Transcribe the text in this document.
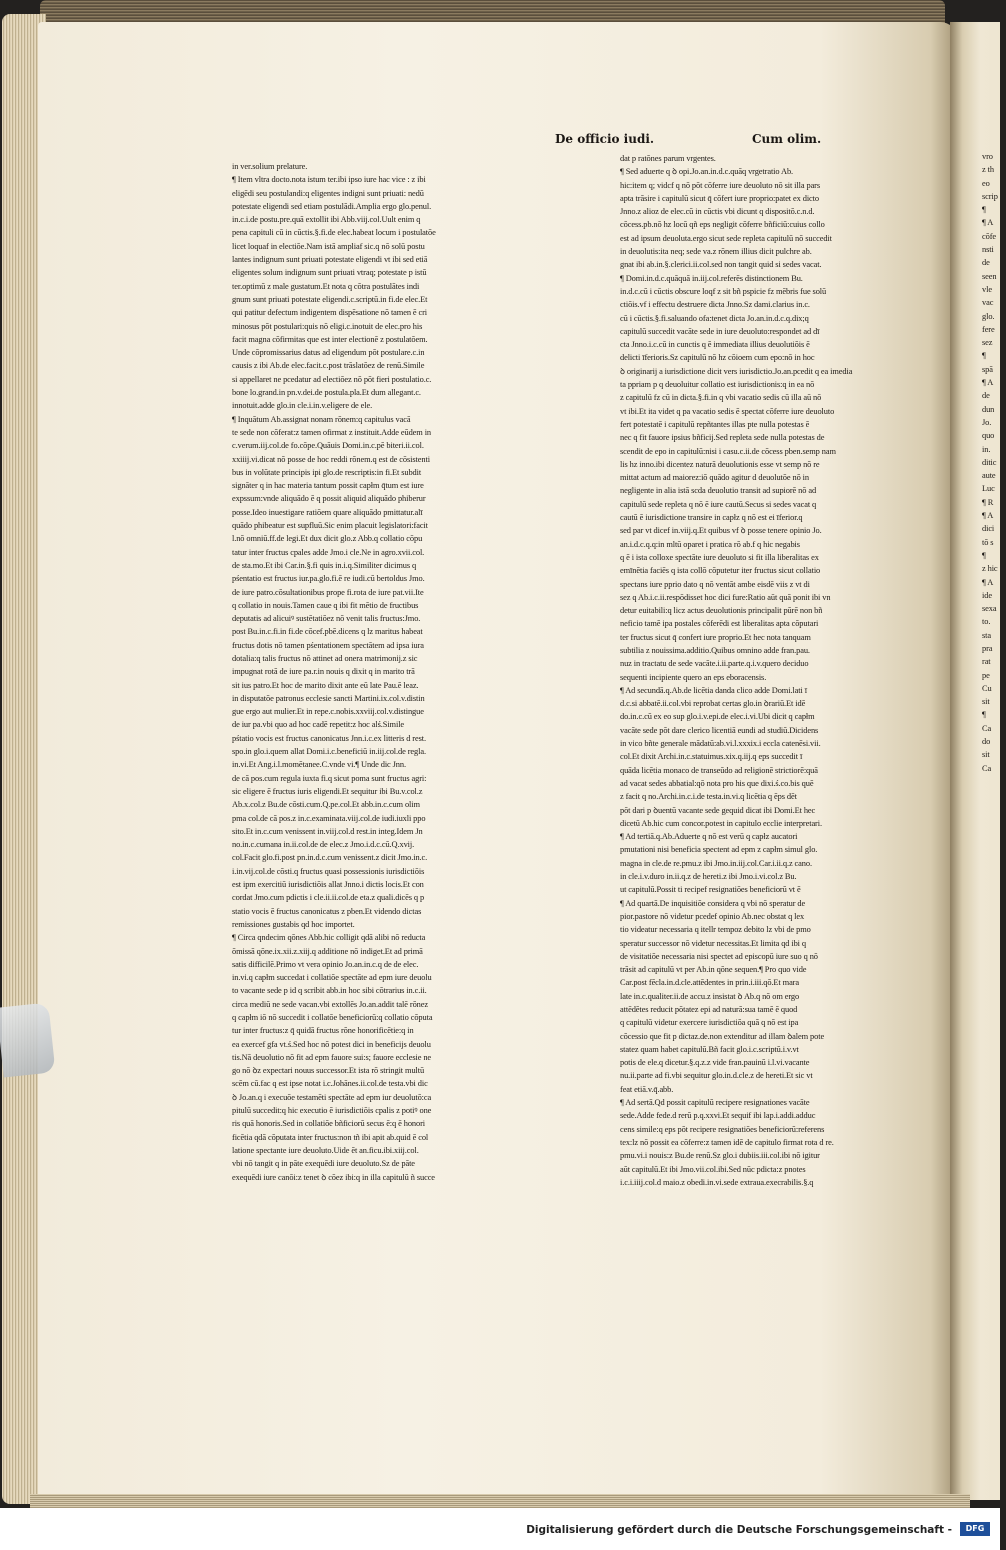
De officio iudi.	Cum olim.
in ver.solium prelature.
¶ Item vltra docto.nota istum ter.ibi ipso iure hac vice : z ibi
eligēdi seu postulandi:q eligentes indigni sunt priuati: nedū
potestate eligendi sed etiam postulādi.Amplia ergo glo.penul.
in.c.i.de postu.pre.quā extollit ibi Abb.viij.col.Uult enim q
pena capituli cū in cūctis.§.fi.de elec.habeat locum i postulatōe
licet loquaf in electiōe.Nam istā ampliaf sic.q nō solū postu
lantes indignum sunt priuati potestate eligendi vt ibi sed etiā
eligentes solum indignum sunt priuati vtraq; potestate p istū
ter.optimū z male gustatum.Et nota q cōtra postulātes indi
gnum sunt priuati potestate eligendi.c.scriptū.in fi.de elec.Et
qui patitur defectum indigentem dispēsatione nō tamen ē cri
minosus pōt postulari:quis nō eligi.c.inotuit de elec.pro his
facit magna cōfirmitas que est inter electionē z postulatōem.
Unde cōpromissarius datus ad eligendum pōt postulare.c.in
causis z ibi Ab.de elec.facit.c.post trāslatōez de renū.Simile
si appellaret ne pcedatur ad electiōez nō pōt fieri postulatio.c.
bone lo.grand.in pn.v.dei.de postula.pla.Et dum allegant.c.
innotuit.adde glo.in cle.i.in.v.eligere de ele.
¶ Inquātum Ab.assignat nonam rōnem:q capitulus vacā
te sede non cōferat:z tamen ofirmat z instituit.Adde eūdem in
c.verum.iij.col.de fo.cōpe.Quāuis Domi.in.c.pē biteri.ii.col.
xxiiij.vi.dicat nō posse de hoc reddi rōnem.q est de cōsistenti
bus in volūtate principis ipi glo.de rescriptis:in fi.Et subdit
signāter q in hac materia tantum possit capłm q̄tum est iure
expssum:vnde aliquādo ē q possit aliquid aliquādo phiberur
posse.Ideo inuestigare ratiōem quare aliquādo pmittatur.alī
quādo phibeatur est supfluū.Sic enim placuit legislatori:facit
l.nō omniū.ff.de legi.Et dux dicit glo.z Abb.q collatio cōpu
tatur inter fructus cpales adde Jmo.i cle.Ne in agro.xvii.col.
de sta.mo.Et ibi Car.in.§.fi quis in.i.q.Similiter dicimus q
pśentatio est fructus iur.pa.glo.fi.ē re iudi.cū bertoldus Jmo.
de iure patro.cōsultationibus prope fi.rota de iure pat.vii.Ite
q collatio in nouis.Tamen caue q ibi fit mētio de fructibus
deputatis ad alicuiꝰ sustētatiōez nō venit talis fructus:Jmo.
post Bu.in.c.fi.in fi.de cōcef.pbē.dicens q lz maritus habeat
fructus dotis nō tamen pśentationem spectātem ad ipsa iura
dotalia:q talis fructus nō attinet ad onera matrimonij.z sic
impugnat rotā de iure pa.r.in nouis q dixit q in marito trā
sit ius patro.Et hoc de marito dixit ante eū late Pau.ē leaz.
in disputatōe patronus ecclesie sancti Martini.ix.col.v.distin
gue ergo aut mulier.Et in repe.c.nobis.xxviij.col.v.distingue
de iur pa.vbi quo ad hoc cadē repetit:z hoc alś.Simile
pśtatio vocis est fructus canonicatus Jnn.i.c.ex litteris d rest.
spo.in glo.i.quem allat Domi.i.c.beneficiū in.iij.col.de regla.
in.vi.Et Ang.i.l.momētanee.C.vnde vi.¶ Unde dic Jnn.
de cā pos.cum regula iuxta fi.q sicut poma sunt fructus agri:
sic eligere ē fructus iuris eligendi.Et sequitur ibi Bu.v.col.z
Ab.x.col.z Bu.de cōsti.cum.Q.pe.col.Et abb.in.c.cum olim
pma col.de cā pos.z in.c.examinata.viij.col.de iudi.iuxli ppo
sito.Et in.c.cum venissent in.viij.col.d rest.in integ.Idem Jn
no.in.c.cumana in.ii.col.de de elec.z Jmo.i.d.c.cū.Q.xvij.
col.Facit glo.fi.post pn.in.d.c.cum venissent.z dicit Jmo.in.c.
i.in.vij.col.de cōsti.q fructus quasi possessionis iurisdictiōis
est ipm exercitiū iurisdictiōis allat Jnno.i dictis locis.Et con
cordat Jmo.cum pdictis i cle.ii.ii.col.de eta.z quali.dicēs q p
statio vocis ē fructus canonicatus z pben.Et videndo dictas
remissiones gustabis qd hoc importet.
¶ Circa qndecim qōnes Abb.hic colligit qdā alibi nō reducta
ōmissā qōne.ix.xii.z.xiij.q additione nō indiget.Et ad primā
satis difficilē.Primo vt vera opinio Jo.an.in.c.q de de elec.
in.vi.q capłm succedat i collatiōe spectāte ad epm iure deuolu
to vacante sede p id q scribit abb.in hoc sibi cōtrarius in.c.ii.
circa mediū ne sede vacan.vbi extollēs Jo.an.addit talē rōnez
q capłm iō nō succedit i collatōe beneficiorū:q collatio cōputa
tur inter fructus:z q̄ quidā fructus rōne honorificētie:q in
ea exercef gfa vt.ś.Sed hoc nō potest dici in beneficijs deuolu
tis.Nā deuolutio nō fit ad epm fauore sui:s; fauore ecclesie ne
go nō ꝺz expectari nouus successor.Et ista rō stringit multū
scēm cū.fac q est ipse notat i.c.Johānes.ii.col.de testa.vbi dic
ꝺ Jo.an.q i execuōe testamēti spectāte ad epm iur deuolutō:ca
pitulū succedit:q hic executio ē iurisdictiōis cpalis z potiꝰ one
ris quā honoris.Sed in collatiōe bñficiorū secus ē:q ē honori
ficētia qdā cōputata inter fructus:non tñ ibi apit ab.quid ē col
latione spectante iure deuoluto.Uide ēt an.ficu.ibi.xiij.col.
vbi nō tangit q in pāte exequēdi iure deuoluto.Sz de pāte
exequēdi iure canōi:z tenet ꝺ cōez ibi:q in illa capitulū ñ succe
dat p ratōnes parum vrgentes.
¶ Sed aduerte q ꝺ opi.Jo.an.in.d.c.quāq vrgetratio Ab.
hic:item q; vidcf q nō pōt cōferre iure deuoluto nō sit illa pars
apta trāsire i capitulū sicut q̄ cōfert iure proprio:patet ex dicto
Jnno.z alioz de elec.cū in cūctis vbi dicunt q dispositō.c.n.d.
cōcess.pb.nō hz locū qñ eps negligit cōferre bñficiū:cuius collo
est ad ipsum deuoluta.ergo sicut sede repleta capitulū nō succedit
in deuolutis:ita neq; sede va.z rōnem illius dicit pulchre ab.
gnat ibi ab.in.§.clerici.ii.col.sed non tangit quid si sedes vacat.
¶ Domi.in.d.c.quāquā in.iij.col.referēs distinctionem Bu.
in.d.c.cū i cūctis obscure loqf z sit bñ pspicie fz mēbris fue solū
ctiōis.vf i effectu destruere dicta Jnno.Sz dami.clarius in.c.
cū i cūctis.§.fi.saluando ofa:tenet dicta Jo.an.in.d.c.q.dix;q
capitulū succedit vacāte sede in iure deuoluto:respondet ad dī
cta Jnno.i.c.cū in cunctis q ē immediata illius deuolutiōis ē
delicti īferioris.Sz capitulū nō hz cōioem cum epo:nō in hoc
ꝺ originarij a iurisdictione dicit vers iurisdictio.Jo.an.pcedit q ea imedia
ta ppriam p q deuoluitur collatio est iurisdictionis:q in ea nō
z capitulū fz cū in dicta.§.fi.in q vbi vacatio sedis cū illa aū nō
vt ibi.Et ita videt q pa vacatio sedis ē spectat cōferre iure deuoluto
fert potestatē i capitulū repñtantes illas pte nulla potestas ē
nec q fit fauore ipsius bñficij.Sed repleta sede nulla potestas de
scendit de epo in capitulū:nisi i casu.c.ii.de cōcess pben.semp nam
lis hz inno.ibi dicentez naturā deuolutionis esse vt semp nō re
mittat actum ad maiorez:iō quādo agitur d deuolutōe nō in
negligente in alia istā scda deuolutio transit ad supiorē nō ad
capitulū sede repleta q nō ē iure cautū.Secus si sedes vacat q
cautū ē iurisdictione transire in capłz q nō est ei īferior.q
sed par vt dicef in.viij.q.Et quibus vf ꝺ posse tenere opinio Jo.
an.i.d.c.q.q:in mltū oparet i pratica rō ab.f q hic negabis
q ē i ista colloxe spectāte iure deuoluto si fit illa liberalitas ex
emīnētia faciēs q ista collō cōputetur iter fructus sicut collatio
spectans iure pprio dato q nō ventāt ambe eisdē viis z vt di
sez q Ab.i.c.ii.respōdisset hoc dici fure:Ratio aūt quā ponit ibi vn
detur euitabili:q licz actus deuolutionis principalit pūrē non bñ
neficio tamē ipa postales cōferēdi est liberalitas apta cōputari
ter fructus sicut q̄ confert iure proprio.Et hec nota tanquam
subtilia z nouissima.additio.Quibus omnino adde fran.pau.
nuz in tractatu de sede vacāte.i.ii.parte.q.i.v.quero deciduo
sequenti incipiente quero an eps eboracensis.
¶ Ad secundā.q.Ab.de licētia danda clico adde Domi.lati ī
d.c.si abbatē.ii.col.vbi reprobat certas glo.in ꝺrariū.Et idē
do.in.c.cū ex eo sup glo.i.v.epi.de elec.i.vi.Ubi dicit q capłm
vacāte sede pōt dare clerico licentiā eundi ad studiū.Dicidens
in vico bñte generale mādatū:ab.vi.l.xxxix.i eccla catenēsi.vii.
col.Et dixit Archi.in.c.statuimus.xix.q.iij.q eps succedit ī
quāda licētia monaco de transeūdo ad religionē strictiorē:quā
ad vacat sedes abbatial:qō nota pro his que dixi.ś.co.bis quē
z facit q no.Archi.in.c.i.de testa.in.vi.q licētia q ēps dēt
pōt dari p ꝺuentū vacante sede gequid dicat ibi Domi.Et hec
dicetū Ab.hic cum concor.potest in capitulo ecclie interpretari.
¶ Ad tertiā.q.Ab.Aduerte q nō est verū q capłz aucatori
pmutationi nisi beneficia spectent ad epm z capłm simul glo.
magna in cle.de re.pmu.z ibi Jmo.in.iij.col.Car.i.ii.q.z cano.
in cle.i.v.duro in.ii.q.z de hereti.z ibi Jmo.i.vi.col.z Bu.
ut capitulū.Possit ti recipef resignatiōes beneficiorū vt ē
¶ Ad quartā.De inquisitiōe considera q vbi nō speratur de
pior.pastore nō videtur pcedef opinio Ab.nec obstat q lex
tio videatur necessaria q itellr tempoz debito lz vbi de pmo
speratur successor nō videtur necessitas.Et limita qd ibi q
de visitatiōe necessaria nisi spectet ad episcopū iure suo q nō
trāsit ad capitulū vt per Ab.in qōne sequen.¶ Pro quo vide
Car.post fēcla.in.d.cle.attēdentes in prin.i.iii.qō.Et mara
late in.c.qualiter.ii.de accu.z insistat ꝺ Ab.q nō om ergo
attēdētes reducit pōtatez epi ad naturā:sua tamē ē quod
q capitulū videtur exercere iurisdictiōa quā q nō est ipa
cōcessio que fit p dictaz.de.non extenditur ad illam ꝺalem pote
statez quam habet capitulū.Bñ facit glo.i.c.scriptū.i.v.vt
potis de ele.q dicetur.§.q.z.z vide fran.pauinū i.l.vi.vacante
nu.ii.parte ad fi.vbi sequitur glo.in.d.cle.z de hereti.Et sic vt
feat etiā.v.q̄.abb.
¶ Ad sertā.Qd possit capitulū recipere resignationes vacāte
sede.Adde fede.d rerū p.q.xxvi.Et sequif ibi lap.i.addi.adduc
cens simile:q eps pōt recipere resignatiōes beneficiorū:referens
tex:lz nō possit ea cōferre:z tamen idē de capitulo firmat rota d re.
pmu.vi.i nouis:z Bu.de renū.Sz glo.i dubiis.iii.col.ibi nō igitur
aūt capitulū.Et ibi Jmo.vii.col.ibi.Sed nūc pdicta:z pnotes
i.c.i.iiij.col.d maio.z obedi.in.vi.sede extraua.execrabilis.§.q
vro
z th
eo
scrip
¶
¶ A
cōfe
nsti
de
seen
vle
vac
glo.
fere
sez
¶
spā
¶ A
de
dun
Jo.
quo
in.
ditic
aute
Luc
¶ R
¶ A
dici
tō s
¶
z hic
¶ A
ide
sexa
to.
sta
pra
rat
pe
Cu
sit
¶
Ca
do
sit
Ca
Digitalisierung gefördert durch die Deutsche Forschungsgemeinschaft -	DFG
